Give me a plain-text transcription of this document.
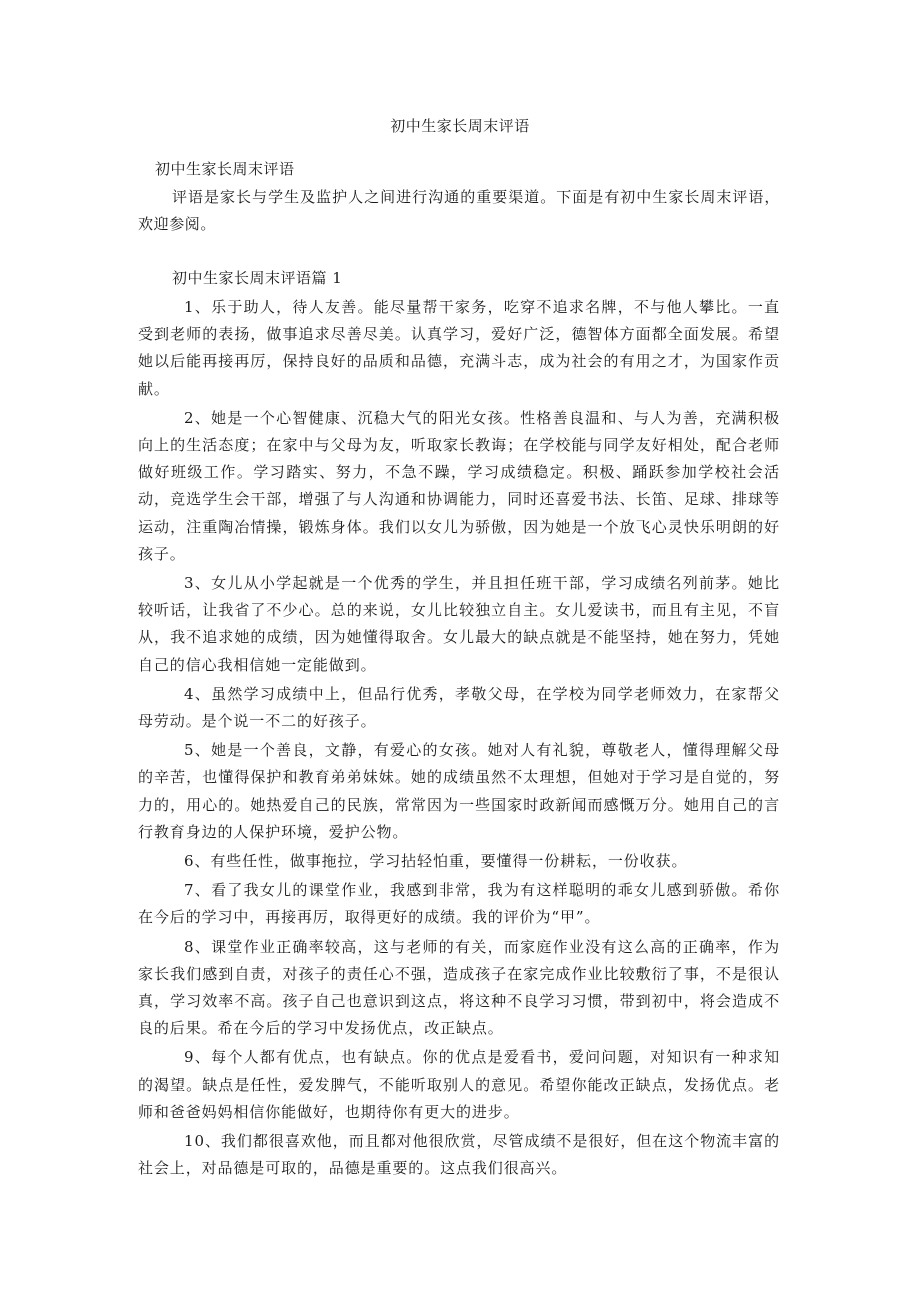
初中生家长周末评语
初中生家长周末评语
评语是家长与学生及监护人之间进行沟通的重要渠道。下面是有初中生家长周末评语，欢迎参阅。
初中生家长周末评语篇 1

1、乐于助人，待人友善。能尽量帮干家务，吃穿不追求名牌，不与他人攀比。一直受到老师的表扬，做事追求尽善尽美。认真学习，爱好广泛，德智体方面都全面发展。希望她以后能再接再厉，保持良好的品质和品德，充满斗志，成为社会的有用之才，为国家作贡献。

2、她是一个心智健康、沉稳大气的阳光女孩。性格善良温和、与人为善，充满积极向上的生活态度；在家中与父母为友，听取家长教诲；在学校能与同学友好相处，配合老师做好班级工作。学习踏实、努力，不急不躁，学习成绩稳定。积极、踊跃参加学校社会活动，竞选学生会干部，增强了与人沟通和协调能力，同时还喜爱书法、长笛、足球、排球等运动，注重陶冶情操，锻炼身体。我们以女儿为骄傲，因为她是一个放飞心灵快乐明朗的好孩子。

3、女儿从小学起就是一个优秀的学生，并且担任班干部，学习成绩名列前茅。她比较听话，让我省了不少心。总的来说，女儿比较独立自主。女儿爱读书，而且有主见，不盲从，我不追求她的成绩，因为她懂得取舍。女儿最大的缺点就是不能坚持，她在努力，凭她自己的信心我相信她一定能做到。

4、虽然学习成绩中上，但品行优秀，孝敬父母，在学校为同学老师效力，在家帮父母劳动。是个说一不二的好孩子。

5、她是一个善良，文静，有爱心的女孩。她对人有礼貌，尊敬老人，懂得理解父母的辛苦，也懂得保护和教育弟弟妹妹。她的成绩虽然不太理想，但她对于学习是自觉的，努力的，用心的。她热爱自己的民族，常常因为一些国家时政新闻而感慨万分。她用自己的言行教育身边的人保护环境，爱护公物。

6、有些任性，做事拖拉，学习拈轻怕重，要懂得一份耕耘，一份收获。

7、看了我女儿的课堂作业，我感到非常，我为有这样聪明的乖女儿感到骄傲。希你在今后的学习中，再接再厉，取得更好的成绩。我的评价为“甲”。

8、课堂作业正确率较高，这与老师的有关，而家庭作业没有这么高的正确率，作为家长我们感到自责，对孩子的责任心不强，造成孩子在家完成作业比较敷衍了事，不是很认真，学习效率不高。孩子自己也意识到这点，将这种不良学习习惯，带到初中，将会造成不良的后果。希在今后的学习中发扬优点，改正缺点。

9、每个人都有优点，也有缺点。你的优点是爱看书，爱问问题，对知识有一种求知的渴望。缺点是任性，爱发脾气，不能听取别人的意见。希望你能改正缺点，发扬优点。老师和爸爸妈妈相信你能做好，也期待你有更大的进步。

10、我们都很喜欢他，而且都对他很欣赏，尽管成绩不是很好，但在这个物流丰富的社会上，对品德是可取的，品德是重要的。这点我们很高兴。
